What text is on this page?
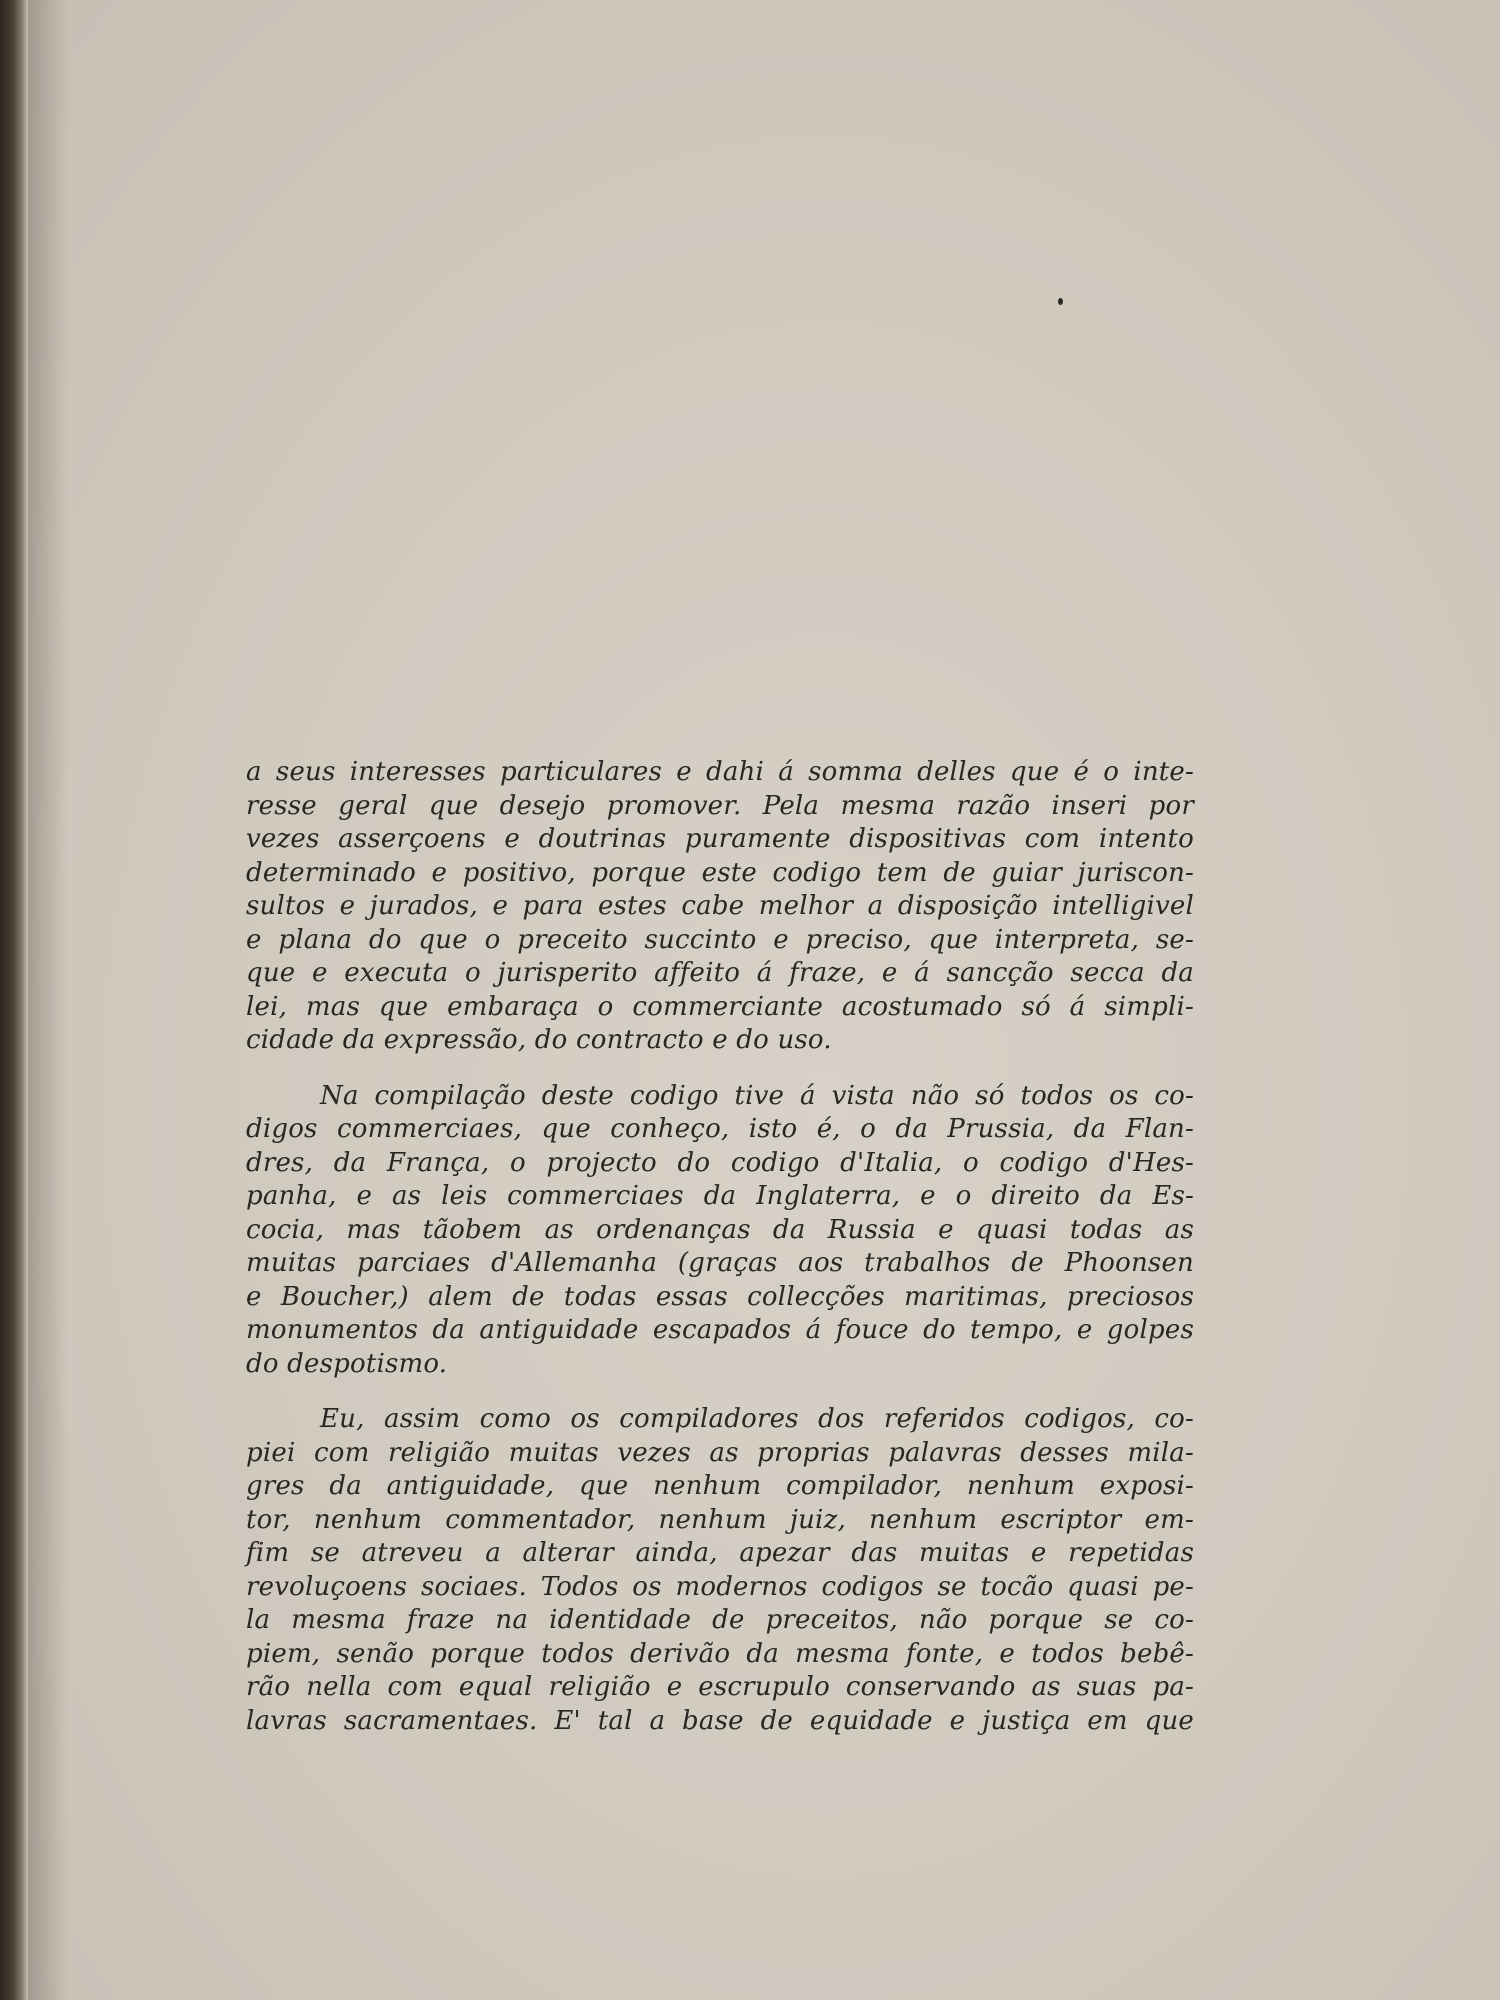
a seus interesses particulares e dahi á somma delles que é o inte-
resse geral que desejo promover. Pela mesma razão inseri por
vezes asserçoens e doutrinas puramente dispositivas com intento
determinado e positivo, porque este codigo tem de guiar juriscon-
sultos e jurados, e para estes cabe melhor a disposição intelligivel
e plana do que o preceito succinto e preciso, que interpreta, se-
que e executa o jurisperito affeito á fraze, e á sancção secca da
lei, mas que embaraça o commerciante acostumado só á simpli-
cidade da expressão, do contracto e do uso.

Na compilação deste codigo tive á vista não só todos os co-
digos commerciaes, que conheço, isto é, o da Prussia, da Flan-
dres, da França, o projecto do codigo d'Italia, o codigo d'Hes-
panha, e as leis commerciaes da Inglaterra, e o direito da Es-
cocia, mas tãobem as ordenanças da Russia e quasi todas as
muitas parciaes d'Allemanha (graças aos trabalhos de Phoonsen
e Boucher,) alem de todas essas collecções maritimas, preciosos
monumentos da antiguidade escapados á fouce do tempo, e golpes
do despotismo.

Eu, assim como os compiladores dos referidos codigos, co-
piei com religião muitas vezes as proprias palavras desses mila-
gres da antiguidade, que nenhum compilador, nenhum exposi-
tor, nenhum commentador, nenhum juiz, nenhum escriptor em-
fim se atreveu a alterar ainda, apezar das muitas e repetidas
revoluçoens sociaes. Todos os modernos codigos se tocão quasi pe-
la mesma fraze na identidade de preceitos, não porque se co-
piem, senão porque todos derivão da mesma fonte, e todos bebê-
rão nella com equal religião e escrupulo conservando as suas pa-
lavras sacramentaes. E' tal a base de equidade e justiça em que
